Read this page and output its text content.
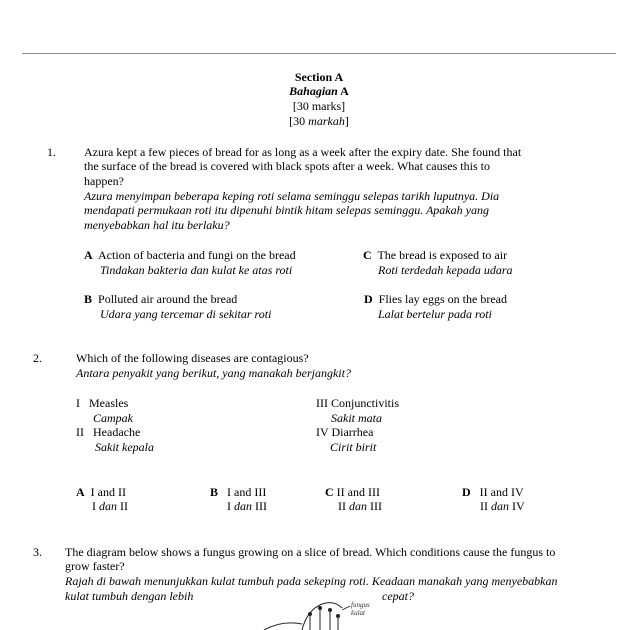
Section A
Bahagian A
[30 marks]
[30 markah]
1. Azura kept a few pieces of bread for as long as a week after the expiry date. She found that
the surface of the bread is covered with black spots after a week. What causes this to
happen?
Azura menyimpan beberapa keping roti selama seminggu selepas tarikh luputnya. Dia
mendapati permukaan roti itu dipenuhi bintik hitam selepas seminggu. Apakah yang
menyebabkan hal itu berlaku?
A Action of bacteria and fungi on the bread
Tindakan bakteria dan kulat ke atas roti
C The bread is exposed to air
Roti terdedah kepada udara
B Polluted air around the bread
Udara yang tercemar di sekitar roti
D Flies lay eggs on the bread
Lalat bertelur pada roti
2.	Which of the following diseases are contagious?
Antara penyakit yang berikut, yang manakah berjangkit?
I Measles
Campak
II Headache
Sakit kepala
III Conjunctivitis
Sakit mata
IV Diarrhea
Cirit birit
A I and II
I dan II
B I and III
I dan III
C II and III
II dan III
D II and IV
II dan IV
3. The diagram below shows a fungus growing on a slice of bread. Which conditions cause the fungus to
grow faster?
Rajah di bawah menunjukkan kulat tumbuh pada sekeping roti. Keadaan manakah yang menyebabkan
kulat tumbuh dengan lebih	cepat?
fungus
kulat
